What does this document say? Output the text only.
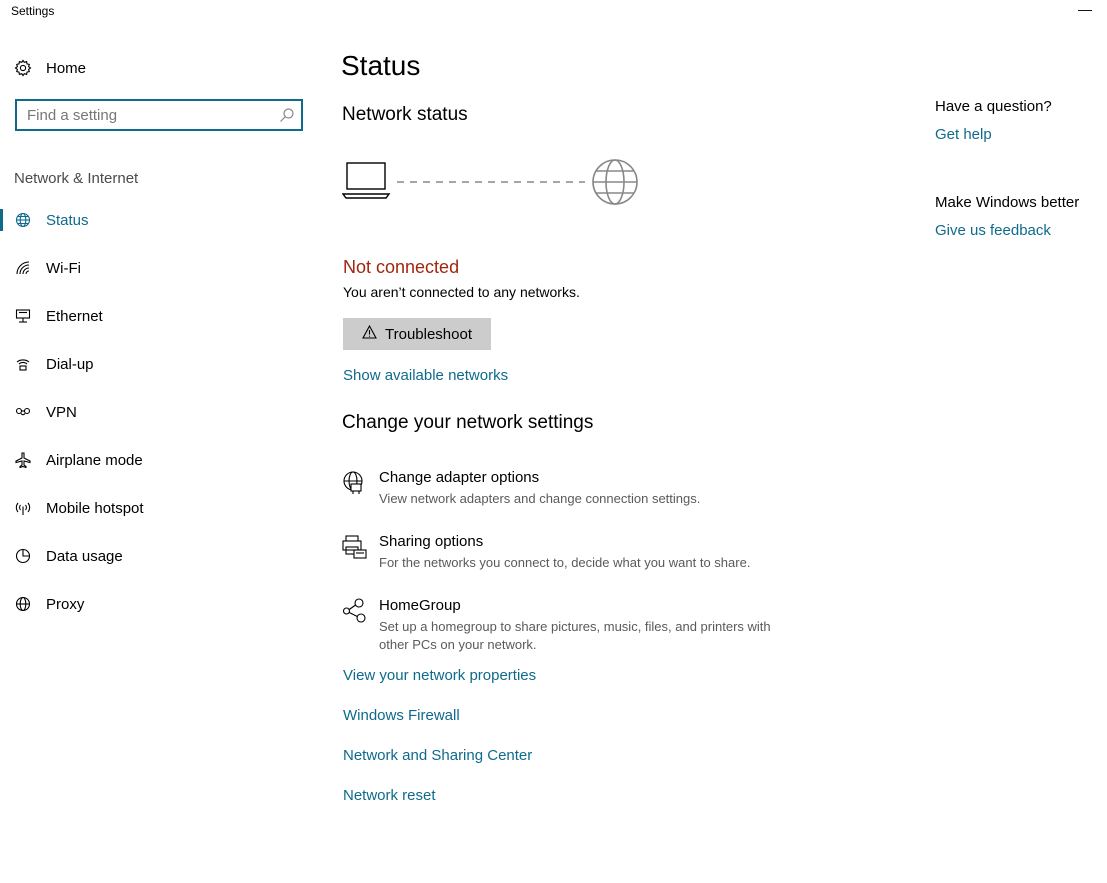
Settings	—
Home
Find a setting
Network & Internet
Status
Wi-Fi
Ethernet
Dial-up
VPN
Airplane mode
Mobile hotspot
Data usage
Proxy
Status
Network status
Not connected
You aren’t connected to any networks.
Troubleshoot
Show available networks
Change your network settings
Change adapter options
View network adapters and change connection settings.
Sharing options
For the networks you connect to, decide what you want to share.
HomeGroup
Set up a homegroup to share pictures, music, files, and printers with other PCs on your network.
View your network properties
Windows Firewall
Network and Sharing Center
Network reset
Have a question?
Get help
Make Windows better
Give us feedback
